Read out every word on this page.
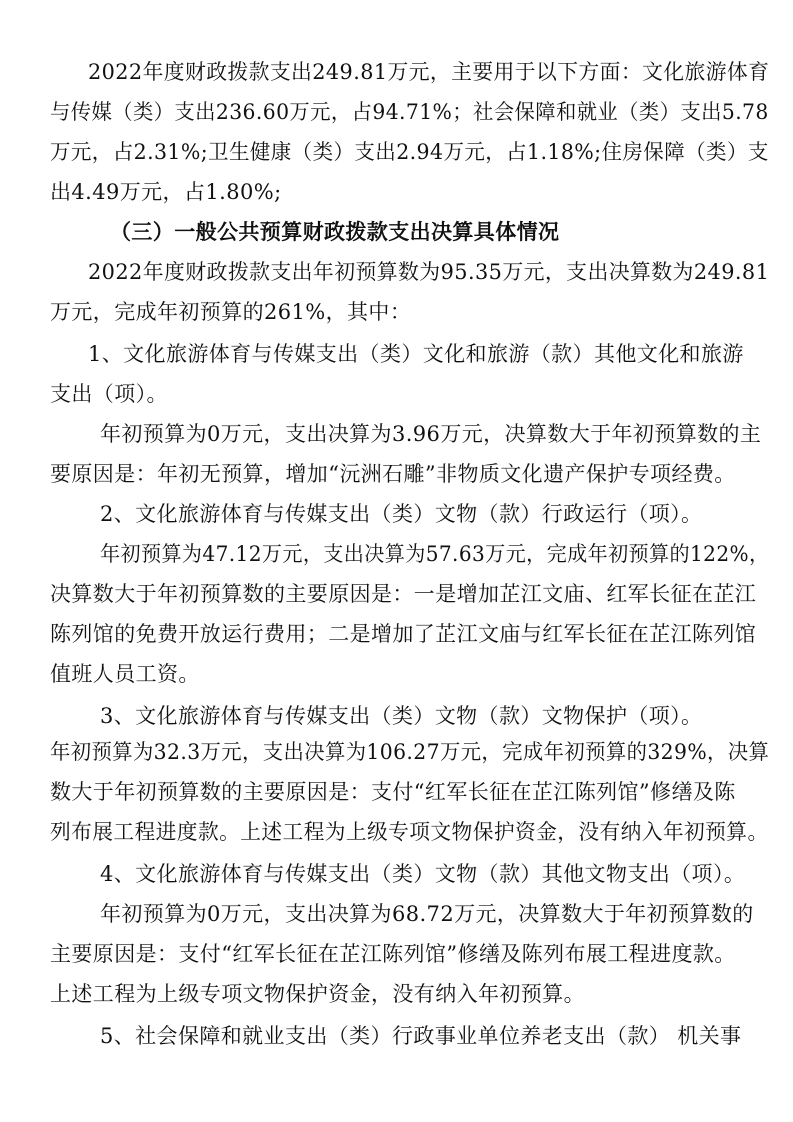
2022年度财政拨款支出249.81万元，主要用于以下方面：文化旅游体育
与传媒（类）支出236.60万元，占94.71%；社会保障和就业（类）支出5.78
万元，占2.31%;卫生健康（类）支出2.94万元，占1.18%;住房保障（类）支
出4.49万元，占1.80%;
（三）一般公共预算财政拨款支出决算具体情况
2022年度财政拨款支出年初预算数为95.35万元，支出决算数为249.81
万元，完成年初预算的261%，其中：
1、文化旅游体育与传媒支出（类）文化和旅游（款）其他文化和旅游
支出（项）。
年初预算为0万元，支出决算为3.96万元，决算数大于年初预算数的主
要原因是：年初无预算，增加“沅洲石雕”非物质文化遗产保护专项经费。
2、文化旅游体育与传媒支出（类）文物（款）行政运行（项）。
年初预算为47.12万元，支出决算为57.63万元，完成年初预算的122%，
决算数大于年初预算数的主要原因是：一是增加芷江文庙、红军长征在芷江
陈列馆的免费开放运行费用；二是增加了芷江文庙与红军长征在芷江陈列馆
值班人员工资。
3、文化旅游体育与传媒支出（类）文物（款）文物保护（项）。
年初预算为32.3万元，支出决算为106.27万元，完成年初预算的329%，决算
数大于年初预算数的主要原因是：支付“红军长征在芷江陈列馆”修缮及陈
列布展工程进度款。上述工程为上级专项文物保护资金，没有纳入年初预算。
4、文化旅游体育与传媒支出（类）文物（款）其他文物支出（项）。
年初预算为0万元，支出决算为68.72万元，决算数大于年初预算数的
主要原因是：支付“红军长征在芷江陈列馆”修缮及陈列布展工程进度款。
上述工程为上级专项文物保护资金，没有纳入年初预算。
5、社会保障和就业支出（类）行政事业单位养老支出（款） 机关事
